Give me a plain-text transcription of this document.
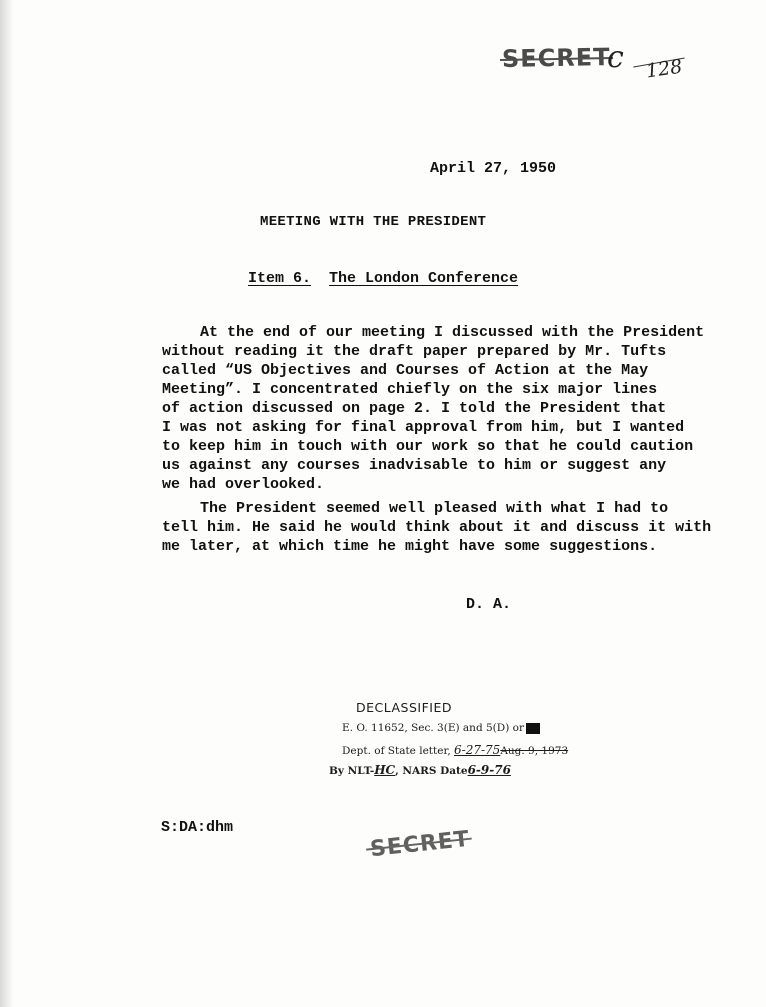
SECRET
c 128
April 27, 1950
MEETING WITH THE PRESIDENT
Item 6. The London Conference
At the end of our meeting I discussed with the President
without reading it the draft paper prepared by Mr. Tufts
called “US Objectives and Courses of Action at the May
Meeting”. I concentrated chiefly on the six major lines
of action discussed on page 2. I told the President that
I was not asking for final approval from him, but I wanted
to keep him in touch with our work so that he could caution
us against any courses inadvisable to him or suggest any
we had overlooked.
The President seemed well pleased with what I had to
tell him. He said he would think about it and discuss it with
me later, at which time he might have some suggestions.
D. A.
DECLASSIFIED
E. O. 11652, Sec. 3(E) and 5(D) or
Dept. of State letter, 6-27-75Aug. 9, 1973
By NLT-HC, NARS Date6-9-76
S:DA:dhm	SECRET
